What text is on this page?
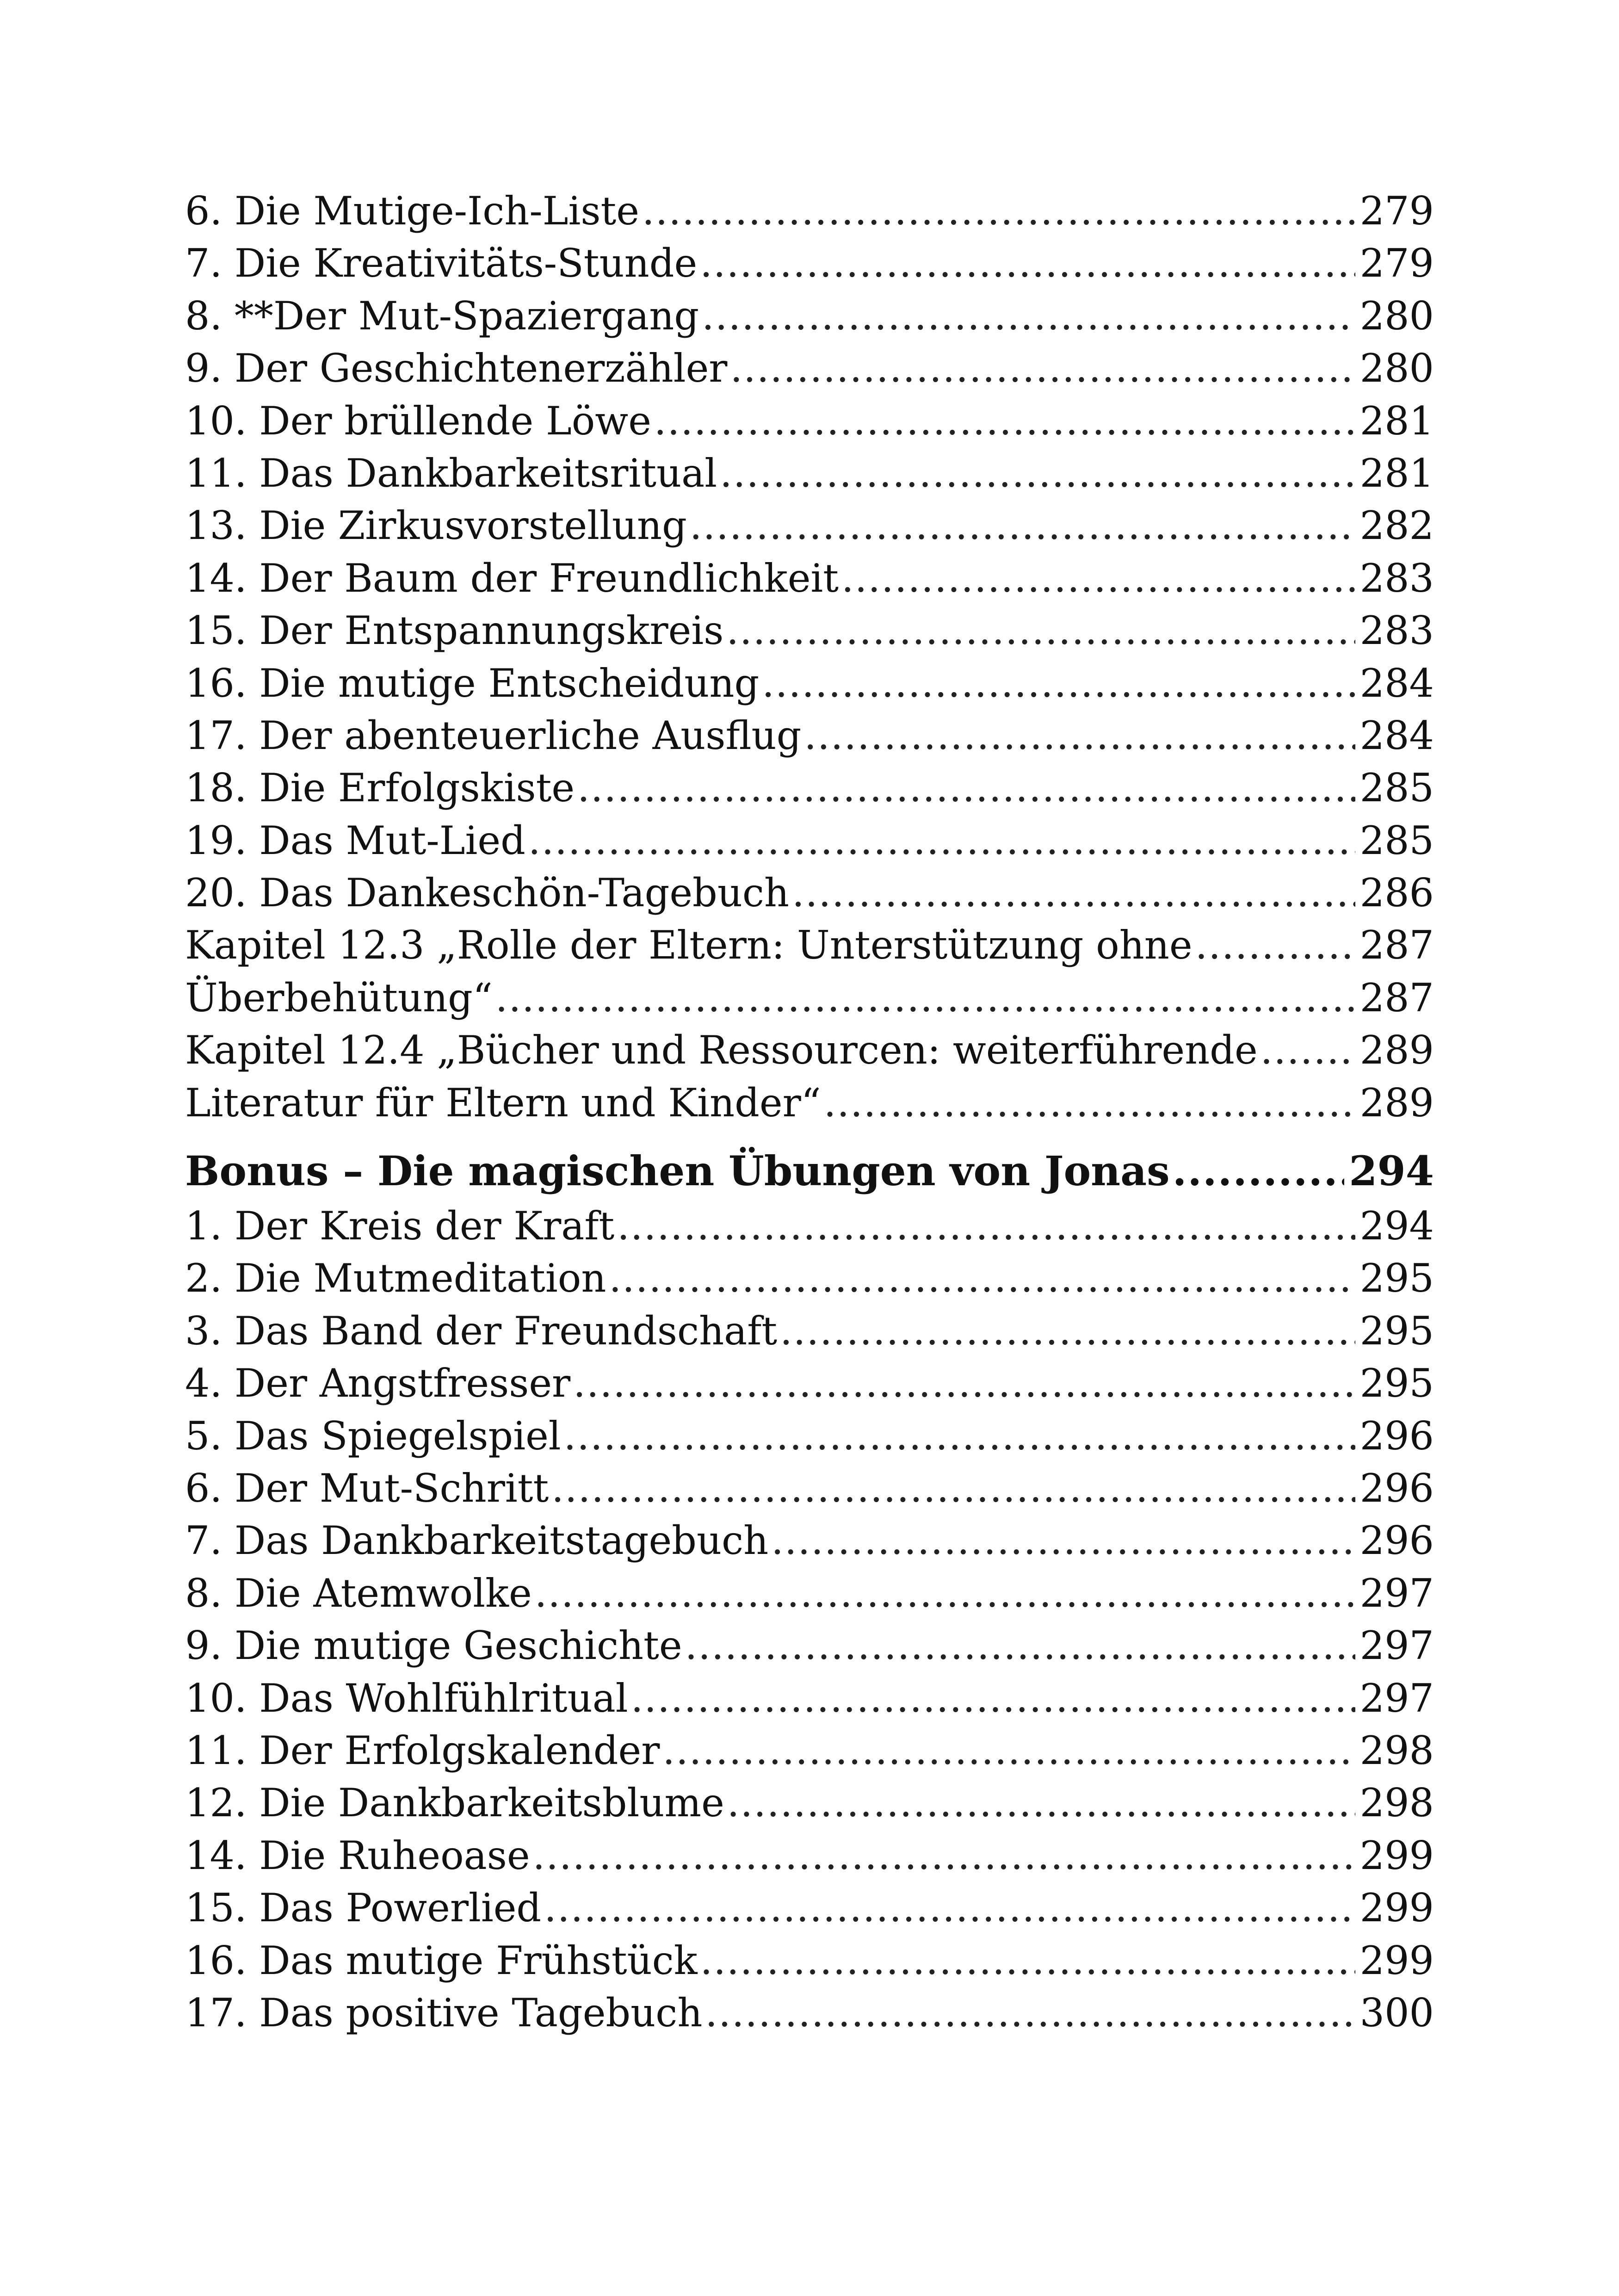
6. Die Mutige-Ich-Liste .....	279
7. Die Kreativitäts-Stunde .....	279
8. **Der Mut-Spaziergang .....	280
9. Der Geschichtenerzähler .....	280
10. Der brüllende Löwe .....	281
11. Das Dankbarkeitsritual .....	281
13. Die Zirkusvorstellung .....	282
14. Der Baum der Freundlichkeit .....	283
15. Der Entspannungskreis .....	283
16. Die mutige Entscheidung .....	284
17. Der abenteuerliche Ausflug .....	284
18. Die Erfolgskiste .....	285
19. Das Mut-Lied .....	285
20. Das Dankeschön-Tagebuch .....	286
Kapitel 12.3 „Rolle der Eltern: Unterstützung ohne .....	287
Überbehütung“ .....	287
Kapitel 12.4 „Bücher und Ressourcen: weiterführende .....	289
Literatur für Eltern und Kinder“ .....	289
Bonus – Die magischen Übungen von Jonas .....	294
1. Der Kreis der Kraft .....	294
2. Die Mutmeditation .....	295
3. Das Band der Freundschaft .....	295
4. Der Angstfresser .....	295
5. Das Spiegelspiel .....	296
6. Der Mut-Schritt .....	296
7. Das Dankbarkeitstagebuch .....	296
8. Die Atemwolke .....	297
9. Die mutige Geschichte .....	297
10. Das Wohlfühlritual .....	297
11. Der Erfolgskalender .....	298
12. Die Dankbarkeitsblume .....	298
14. Die Ruheoase .....	299
15. Das Powerlied .....	299
16. Das mutige Frühstück .....	299
17. Das positive Tagebuch .....	300
